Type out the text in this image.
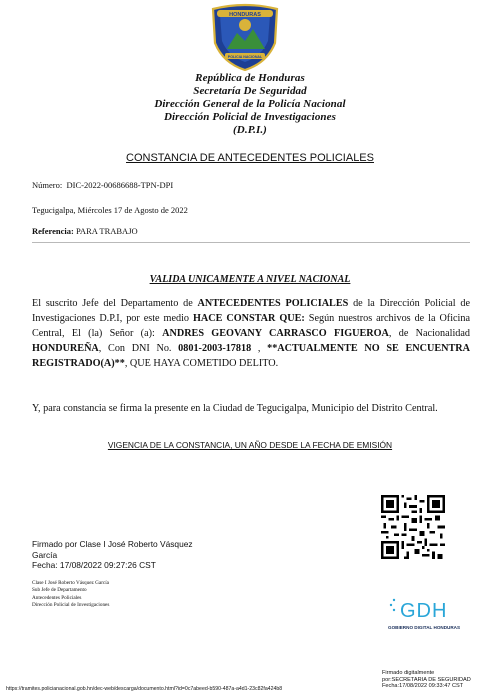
HONDURAS
POLICIA NACIONAL
República de Honduras
Secretaría De Seguridad
Dirección General de la Policía Nacional
Dirección Policial de Investigaciones
(D.P.I.)
CONSTANCIA DE ANTECEDENTES POLICIALES
Número: DIC-2022-00686688-TPN-DPI
Tegucigalpa, Miércoles 17 de Agosto de 2022
Referencia: PARA TRABAJO
VALIDA UNICAMENTE A NIVEL NACIONAL
El suscrito Jefe del Departamento de ANTECEDENTES POLICIALES de la Dirección Policial de Investigaciones D.P.I, por este medio HACE CONSTAR QUE: Según nuestros archivos de la Oficina Central, El (la) Señor (a): ANDRES GEOVANY CARRASCO FIGUEROA, de Nacionalidad HONDUREÑA, Con DNI No. 0801-2003-17818 , **ACTUALMENTE NO SE ENCUENTRA REGISTRADO(A)**, QUE HAYA COMETIDO DELITO.
Y, para constancia se firma la presente en la Ciudad de Tegucigalpa, Municipio del Distrito Central.
VIGENCIA DE LA CONSTANCIA, UN AÑO DESDE LA FECHA DE EMISIÓN
Firmado por Clase I José Roberto Vásquez
García
Fecha: 17/08/2022 09:27:26 CST
Clase I José Roberto Vásquez García
Sub Jefe de Departamento
Antecedentes Policiales
Dirección Policial de Investigaciones	GDH
GOBIERNO DIGITAL HONDURAS
Firmado digitalmente
por:SECRETARIA DE SEGURIDAD
Fecha:17/08/2022 09:33:47 CST
https://tramites.policianacional.gob.hn/dec-web/descarga/documento.html?id=0c7abeed-b590-487a-a4d1-23c82fa424b8
